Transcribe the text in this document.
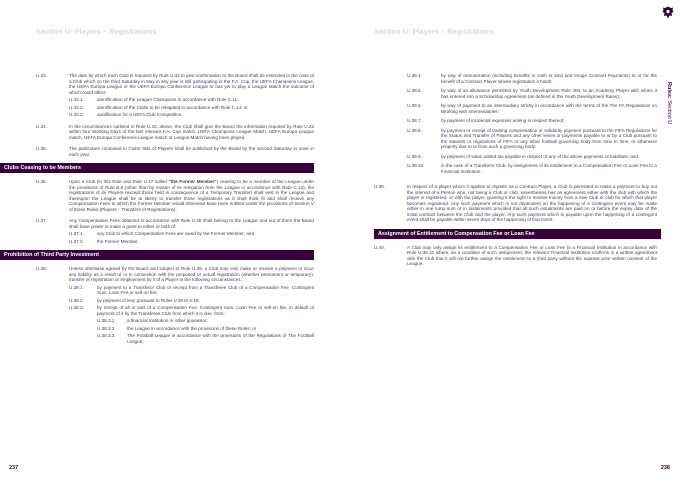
Section U: Players – Registrations
U.33.	The date by which each Club is required by Rule U.32 to give confirmation to the Board shall be extended in the case of a Club which on the third Saturday in May in any year is still participating in the F.A. Cup, the UEFA Champions League, the UEFA Europa League or the UEFA Europa Conference League or has yet to play a League Match the outcome of which could affect:
U.33.1.	identification of the League Champions in accordance with Rule C.11;
U.33.2.	identification of the Clubs to be relegated in accordance with Rule C.14; or
U.33.3.	qualification for a UEFA Club Competition.
U.34.	In the circumstances outlined in Rule U.33, above, the Club shall give the Board the information required by Rule U.32 within four Working Days of the last relevant F.A. Cup match, UEFA Champions League Match, UEFA Europa League match, UEFA Europa Conference League match or League Match having been played.
U.35.	The particulars contained in Clubs’ lists of Players shall be published by the Board by the second Saturday in June in each year.
Clubs Ceasing to be Members
U.36.	Upon a Club (in this Rule and Rule U.37 called “the Former Member”) ceasing to be a member of the League under the provisions of Rule B.5 (other than by reason of its relegation from the League in accordance with Rule C.14), the registrations of its Players (except those held in consequence of a Temporary Transfer) shall vest in the League and thereupon the League shall be at liberty to transfer those registrations as it shall think fit and shall receive any Compensation Fees to which the Former Member would otherwise have been entitled under the provisions of Section V of these Rules (Players – Transfers of Registrations).
U.37.	Any Compensation Fees obtained in accordance with Rule U.36 shall belong to the League and out of them the Board shall have power to make a grant to either or both of:
U.37.1.	any Club to which Compensation Fees are owed by the Former Member; and
U.37.2.	the Former Member.
Prohibition of Third Party Investment
U.38.	Unless otherwise agreed by the Board and subject to Rule U.39, a Club may only make or receive a payment or incur any liability as a result of or in connection with the proposed or actual registration (whether permanent or temporary), transfer of registration or employment by it of a Player in the following circumstances:
U.38.1.	by payment to a Transferor Club or receipt from a Transferee Club of a Compensation Fee, Contingent Sum, Loan Fee or sell-on fee;
U.38.2.	by payment of levy pursuant to Rules V.38 to V.40;
U.38.3.	by receipt of all or part of a Compensation Fee, Contingent Sum, Loan Fee or sell-on fee, in default of payment of it by the Transferee Club from which it is due, from:
U.38.3.1. a financial institution or other guarantor;
U.38.3.2. the League in accordance with the provisions of these Rules; or
U.38.3.3. The Football League in accordance with the provisions of the Regulations of The Football League;
237
Section U: Players – Registrations
Rules: Section U
U.38.4.	by way of remuneration (including benefits in cash or kind and Image Contract Payments) to or for the benefit of a Contract Player whose registration it holds;
U.38.5.	by way of an allowance permitted by Youth Development Rule 300, to an Academy Player with whom it has entered into a Scholarship Agreement (as defined in the Youth Development Rules);
U.38.6.	by way of payment to an intermediary strictly in accordance with the terms of the The FA Regulations on Working with Intermediaries;
U.38.7.	by payment of incidental expenses arising in respect thereof;
U.38.8.	by payment or receipt of training compensation or solidarity payment pursuant to the FIFA Regulations for the Status and Transfer of Players and any other levies or payments payable to or by a Club pursuant to the statutes or regulations of FIFA or any other football governing body from time to time, or otherwise properly due to or from such a governing body;
U.38.9.	by payment of value added tax payable in respect of any of the above payments or liabilities; and
U.38.10.	in the case of a Transferor Club, by assignment of its entitlement to a Compensation Fee or Loan Fee to a Financial Institution.
U.39.	In respect of a player whom it applies to register as a Contract Player, a Club is permitted to make a payment to buy out the interest of a Person who, not being a Club or club, nevertheless has an agreement either with the club with which the player is registered, or with the player, granting it the right to receive money from a new Club or club for which that player becomes registered. Any such payment which is not dependent on the happening of a contingent event may be made either in one lump sum or in instalments provided that all such instalments are paid on or before the expiry date of the initial contract between the Club and the player. Any such payment which is payable upon the happening of a contingent event shall be payable within seven days of the happening of that event.
Assignment of Entitlement to Compensation Fee or Loan Fee
U.40.	A Club may only assign its entitlement to a Compensation Fee or Loan Fee to a Financial Institution in accordance with Rule U.38.10 where, as a condition of such assignment, the relevant Financial Institution confirms in a written agreement with the Club that it will not further assign the entitlement to a third party without the express prior written consent of the League.
238
